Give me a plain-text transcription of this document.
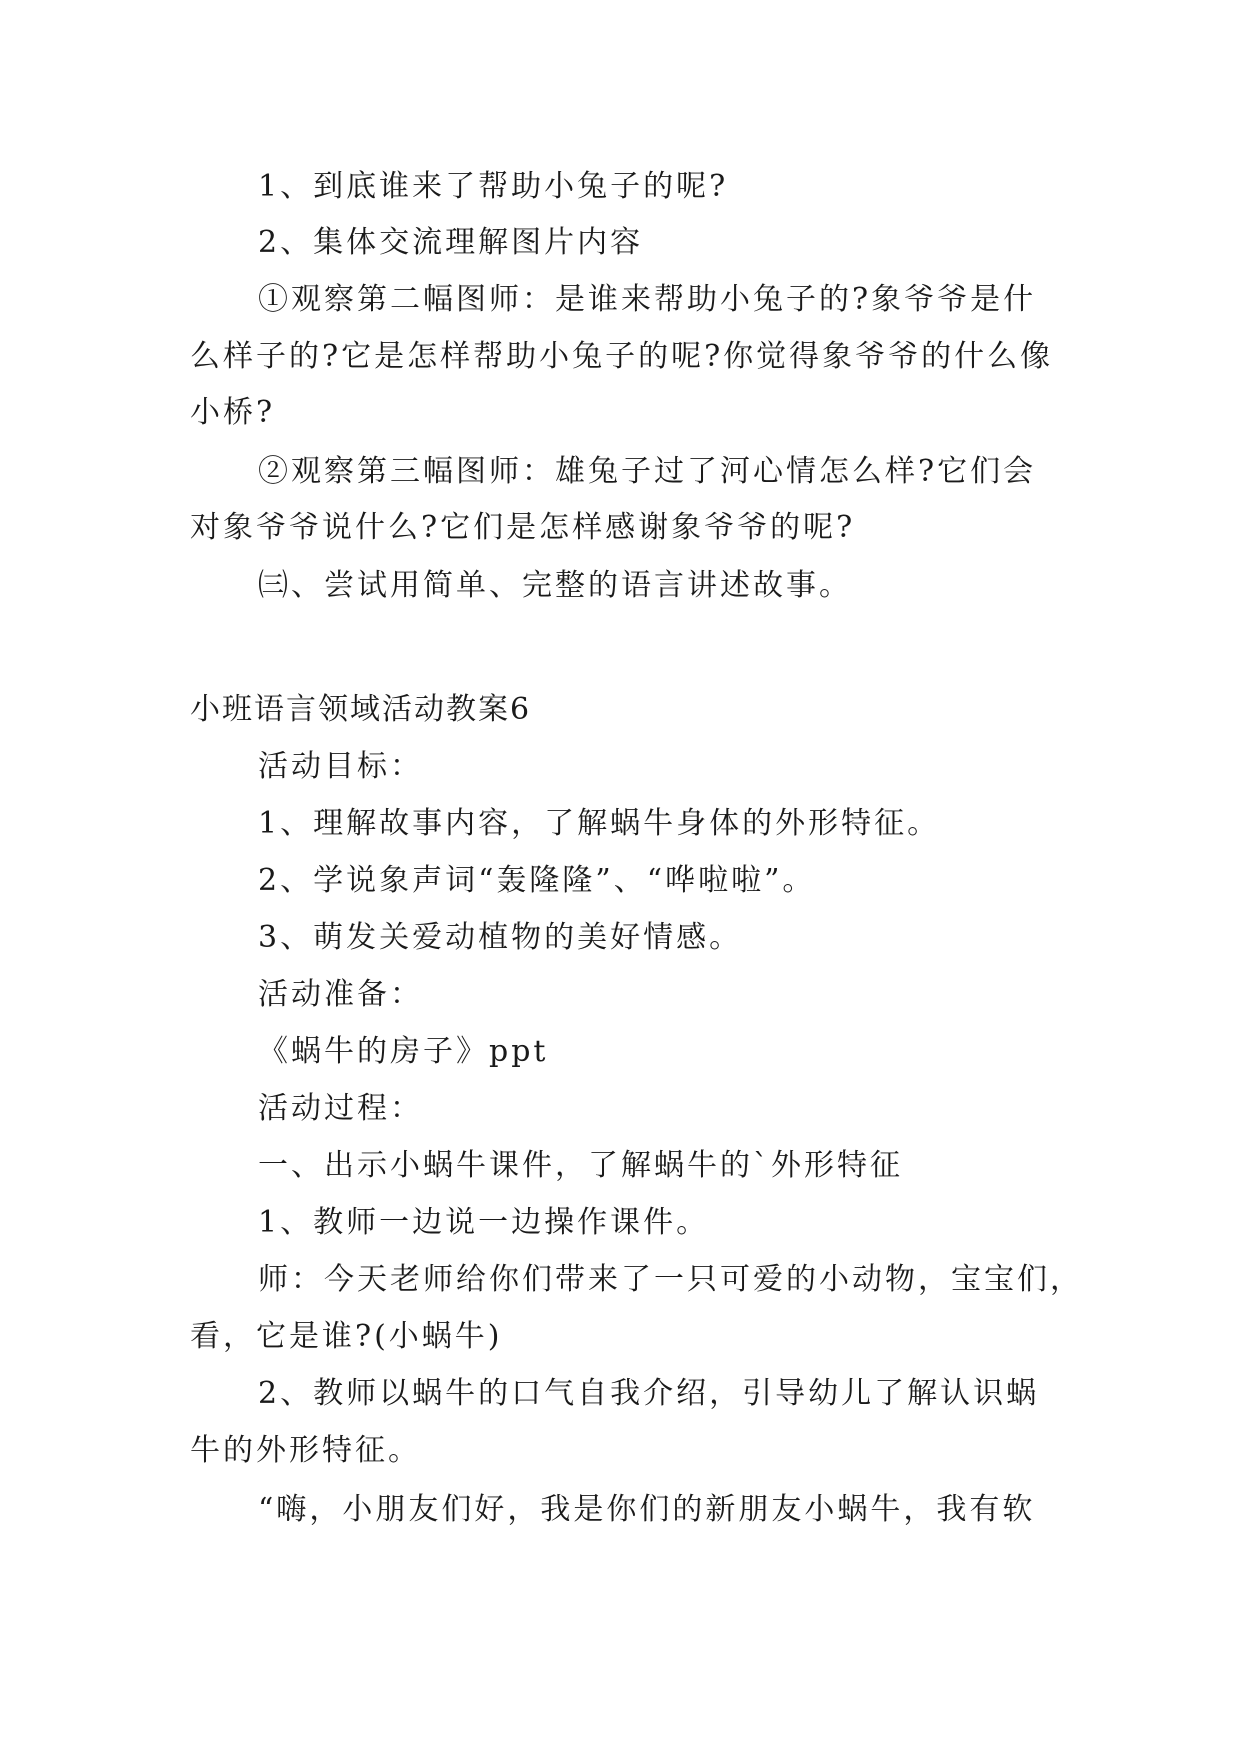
1、到底谁来了帮助小兔子的呢?
2、集体交流理解图片内容
①观察第二幅图师：是谁来帮助小兔子的?象爷爷是什
么样子的?它是怎样帮助小兔子的呢?你觉得象爷爷的什么像
小桥?
②观察第三幅图师：雄兔子过了河心情怎么样?它们会
对象爷爷说什么?它们是怎样感谢象爷爷的呢?
㈢、尝试用简单、完整的语言讲述故事。
小班语言领域活动教案6
活动目标：
1、理解故事内容，了解蜗牛身体的外形特征。
2、学说象声词“轰隆隆”、“哗啦啦”。
3、萌发关爱动植物的美好情感。
活动准备：
《蜗牛的房子》ppt
活动过程：
一、出示小蜗牛课件，了解蜗牛的`外形特征
1、教师一边说一边操作课件。
师：今天老师给你们带来了一只可爱的小动物，宝宝们，
看，它是谁?(小蜗牛)
2、教师以蜗牛的口气自我介绍，引导幼儿了解认识蜗
牛的外形特征。
“嗨，小朋友们好，我是你们的新朋友小蜗牛，我有软
